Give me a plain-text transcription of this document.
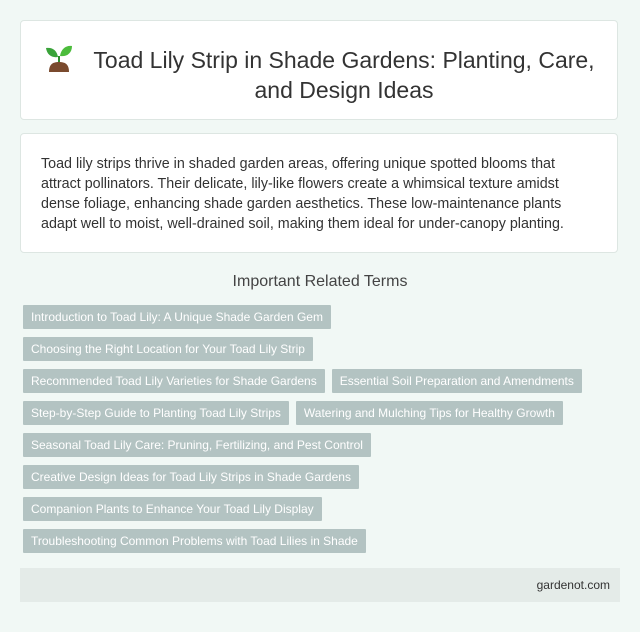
Toad Lily Strip in Shade Gardens: Planting, Care, and Design Ideas

Toad lily strips thrive in shaded garden areas, offering unique spotted blooms that attract pollinators. Their delicate, lily-like flowers create a whimsical texture amidst dense foliage, enhancing shade garden aesthetics. These low-maintenance plants adapt well to moist, well-drained soil, making them ideal for under-canopy planting.

Important Related Terms
Introduction to Toad Lily: A Unique Shade Garden Gem
Choosing the Right Location for Your Toad Lily Strip
Recommended Toad Lily Varieties for Shade Gardens	Essential Soil Preparation and Amendments
Step-by-Step Guide to Planting Toad Lily Strips	Watering and Mulching Tips for Healthy Growth
Seasonal Toad Lily Care: Pruning, Fertilizing, and Pest Control
Creative Design Ideas for Toad Lily Strips in Shade Gardens
Companion Plants to Enhance Your Toad Lily Display
Troubleshooting Common Problems with Toad Lilies in Shade
gardenot.com
